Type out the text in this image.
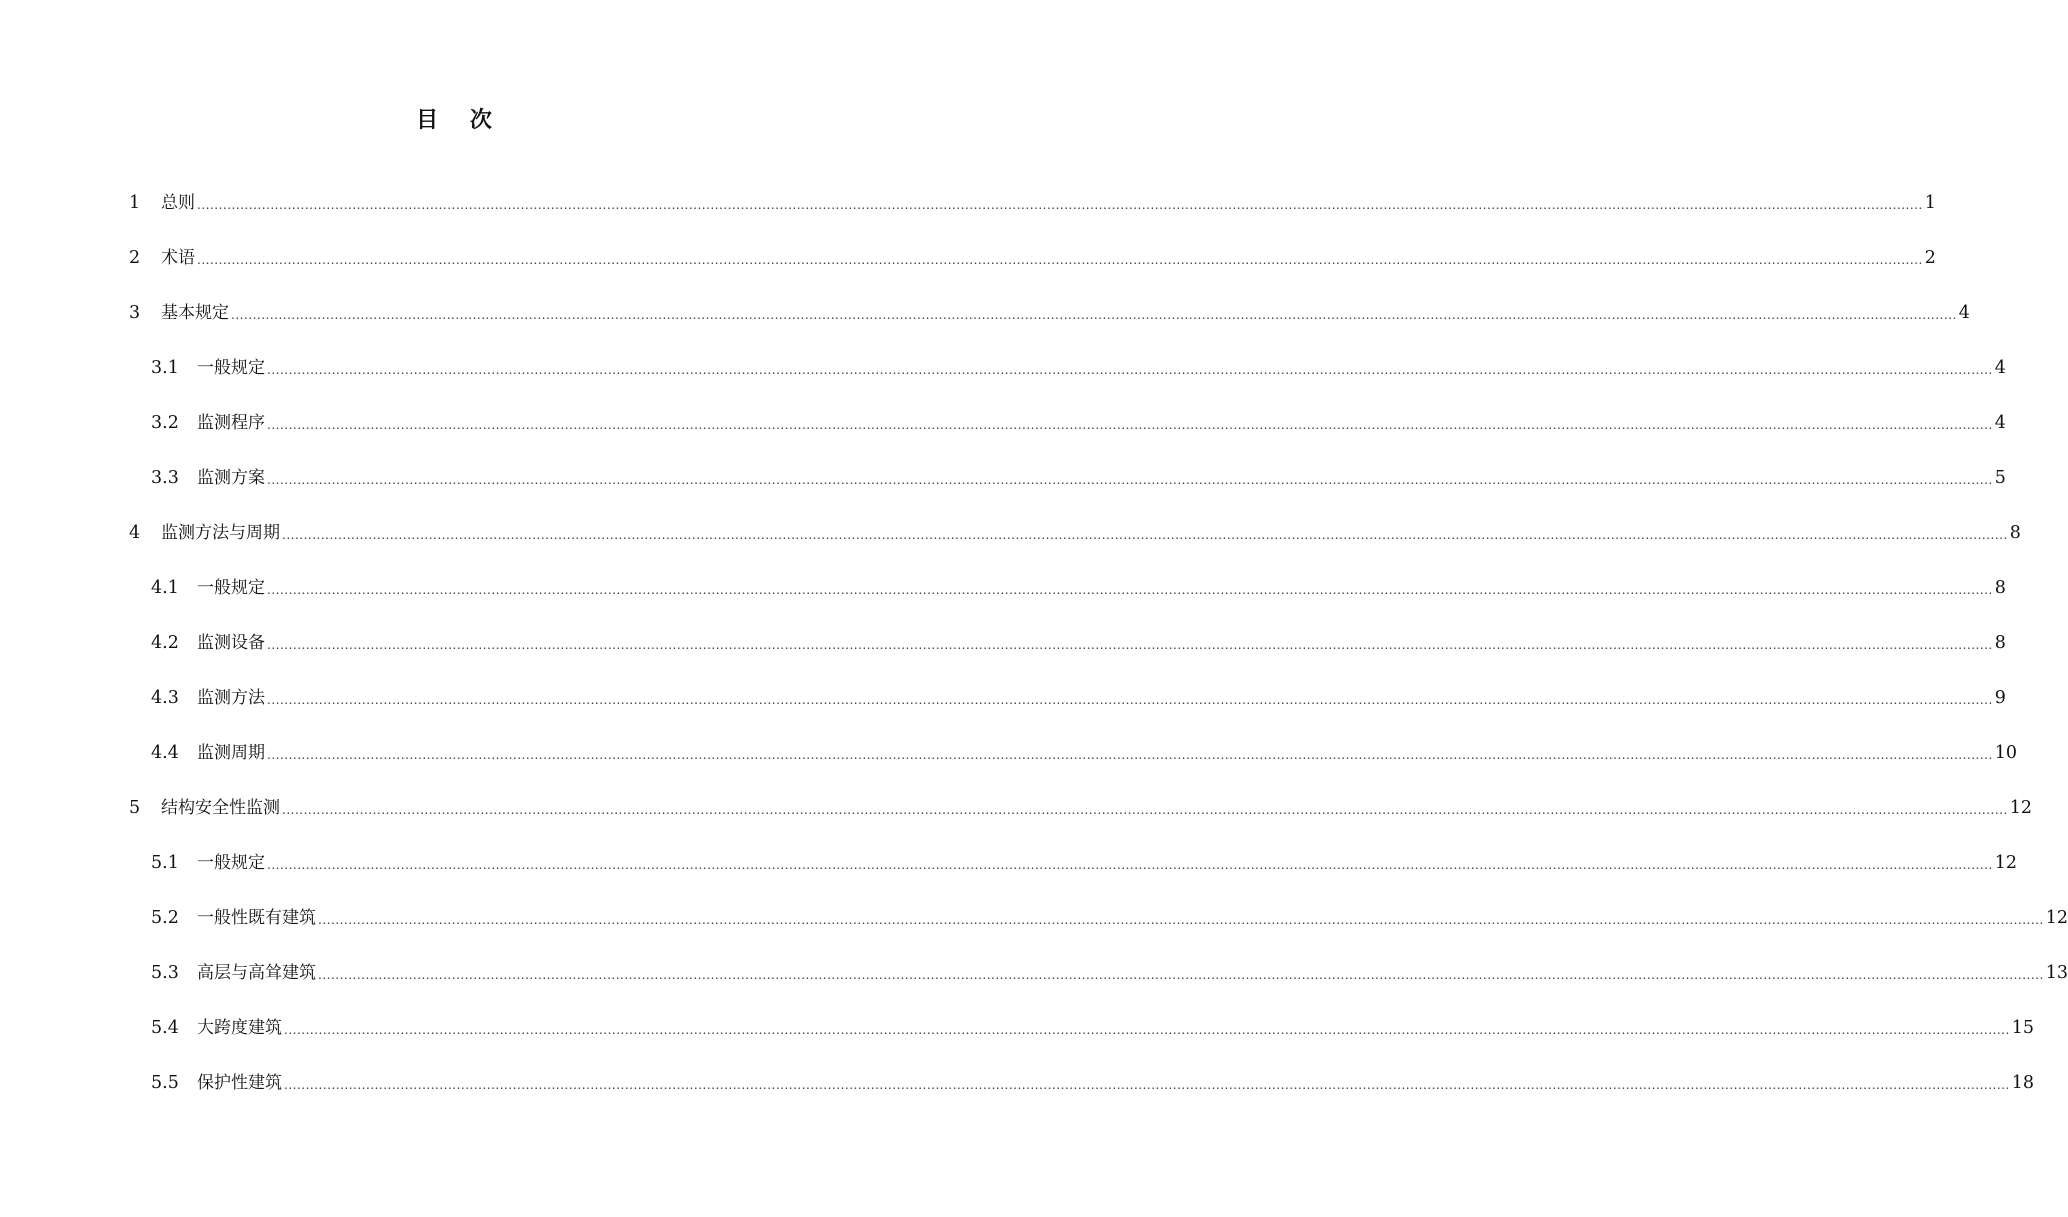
目 次
1 总则 ................................................................................................................................................................................................................................................................................................................................................................................................................ 1
2 术语 ................................................................................................................................................................................................................................................................................................................................................................................................................ 2
3 基本规定 ................................................................................................................................................................................................................................................................................................................................................................................................................ 4
3.1 一般规定 ................................................................................................................................................................................................................................................................................................................................................................................................................ 4
3.2 监测程序 ................................................................................................................................................................................................................................................................................................................................................................................................................ 4
3.3 监测方案 ................................................................................................................................................................................................................................................................................................................................................................................................................ 5
4 监测方法与周期 ................................................................................................................................................................................................................................................................................................................................................................................................................ 8
4.1 一般规定 ................................................................................................................................................................................................................................................................................................................................................................................................................ 8
4.2 监测设备 ................................................................................................................................................................................................................................................................................................................................................................................................................ 8
4.3 监测方法 ................................................................................................................................................................................................................................................................................................................................................................................................................ 9
4.4 监测周期 ................................................................................................................................................................................................................................................................................................................................................................................................................ 10
5 结构安全性监测 ................................................................................................................................................................................................................................................................................................................................................................................................................ 12
5.1 一般规定 ................................................................................................................................................................................................................................................................................................................................................................................................................ 12
5.2 一般性既有建筑 ................................................................................................................................................................................................................................................................................................................................................................................................................ 12
5.3 高层与高耸建筑 ................................................................................................................................................................................................................................................................................................................................................................................................................ 13
5.4 大跨度建筑 ................................................................................................................................................................................................................................................................................................................................................................................................................ 15
5.5 保护性建筑 ................................................................................................................................................................................................................................................................................................................................................................................................................ 18
